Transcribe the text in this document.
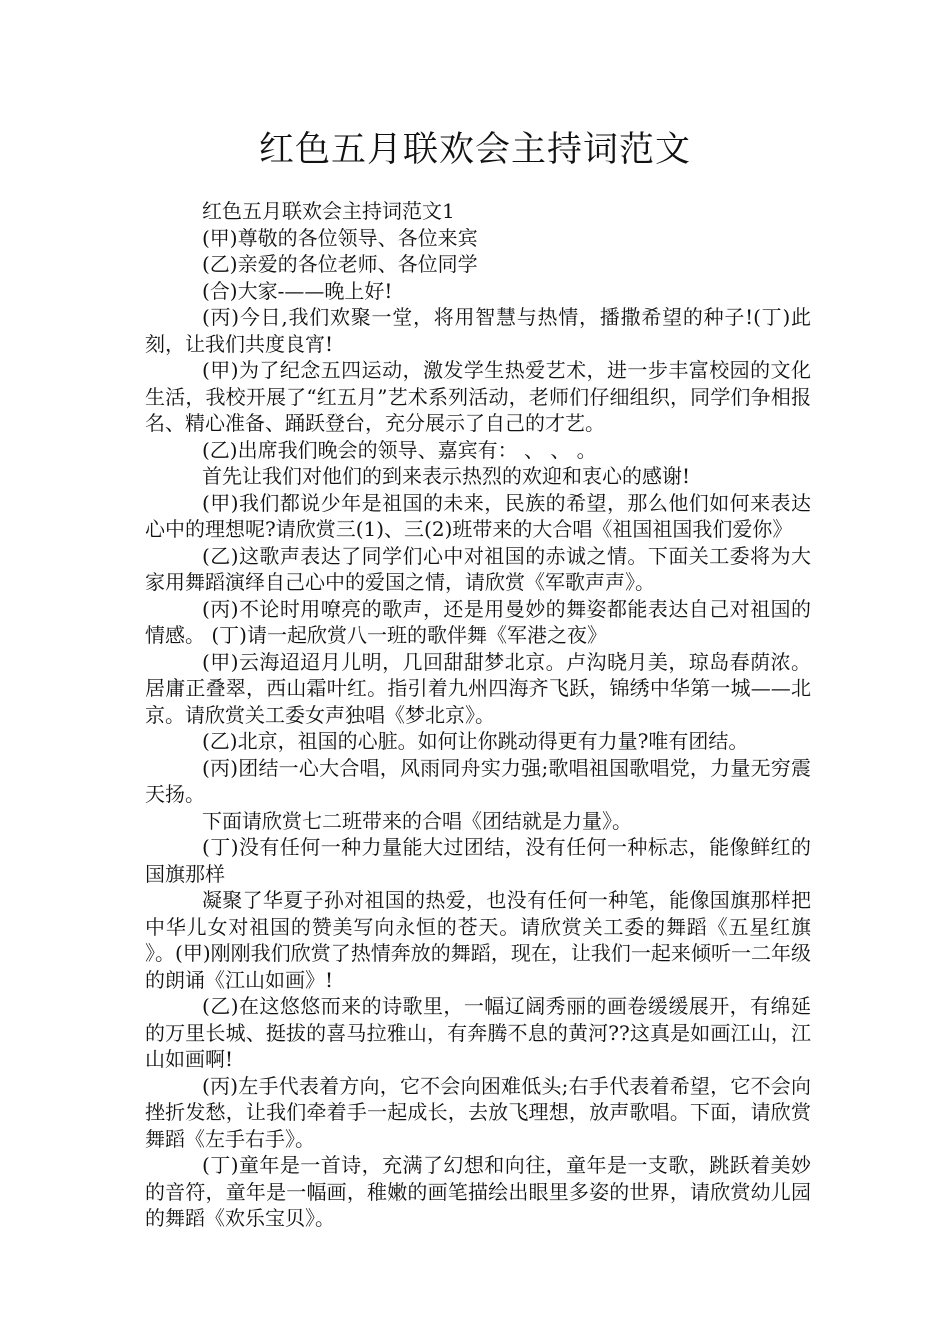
红色五月联欢会主持词范文

红色五月联欢会主持词范文1

(甲)尊敬的各位领导、各位来宾

(乙)亲爱的各位老师、各位同学

(合)大家-——晚上好!

(丙)今日,我们欢聚一堂，将用智慧与热情，播撒希望的种子!(丁)此刻，让我们共度良宵!

(甲)为了纪念五四运动，激发学生热爱艺术，进一步丰富校园的文化生活，我校开展了“红五月”艺术系列活动，老师们仔细组织，同学们争相报名、精心准备、踊跃登台，充分展示了自己的才艺。

(乙)出席我们晚会的领导、嘉宾有： 、 、 。

首先让我们对他们的到来表示热烈的欢迎和衷心的感谢!

(甲)我们都说少年是祖国的未来，民族的希望，那么他们如何来表达心中的理想呢?请欣赏三(1)、三(2)班带来的大合唱《祖国祖国我们爱你》

(乙)这歌声表达了同学们心中对祖国的赤诚之情。下面关工委将为大家用舞蹈演绎自己心中的爱国之情，请欣赏《军歌声声》。

(丙)不论时用嘹亮的歌声，还是用曼妙的舞姿都能表达自己对祖国的情感。 (丁)请一起欣赏八一班的歌伴舞《军港之夜》

(甲)云海迢迢月儿明，几回甜甜梦北京。卢沟晓月美，琼岛春荫浓。居庸正叠翠，西山霜叶红。指引着九州四海齐飞跃，锦绣中华第一城——北京。请欣赏关工委女声独唱《梦北京》。

(乙)北京，祖国的心脏。如何让你跳动得更有力量?唯有团结。

(丙)团结一心大合唱，风雨同舟实力强;歌唱祖国歌唱党，力量无穷震天扬。

下面请欣赏七二班带来的合唱《团结就是力量》。

(丁)没有任何一种力量能大过团结，没有任何一种标志，能像鲜红的国旗那样

凝聚了华夏子孙对祖国的热爱，也没有任何一种笔，能像国旗那样把中华儿女对祖国的赞美写向永恒的苍天。请欣赏关工委的舞蹈《五星红旗 》。(甲)刚刚我们欣赏了热情奔放的舞蹈，现在，让我们一起来倾听一二年级的朗诵《江山如画》!

(乙)在这悠悠而来的诗歌里，一幅辽阔秀丽的画卷缓缓展开，有绵延的万里长城、挺拔的喜马拉雅山，有奔腾不息的黄河??这真是如画江山，江山如画啊!

(丙)左手代表着方向，它不会向困难低头;右手代表着希望，它不会向挫折发愁，让我们牵着手一起成长，去放飞理想，放声歌唱。下面，请欣赏舞蹈《左手右手》。

(丁)童年是一首诗，充满了幻想和向往，童年是一支歌，跳跃着美妙的音符，童年是一幅画，稚嫩的画笔描绘出眼里多姿的世界，请欣赏幼儿园的舞蹈《欢乐宝贝》。
